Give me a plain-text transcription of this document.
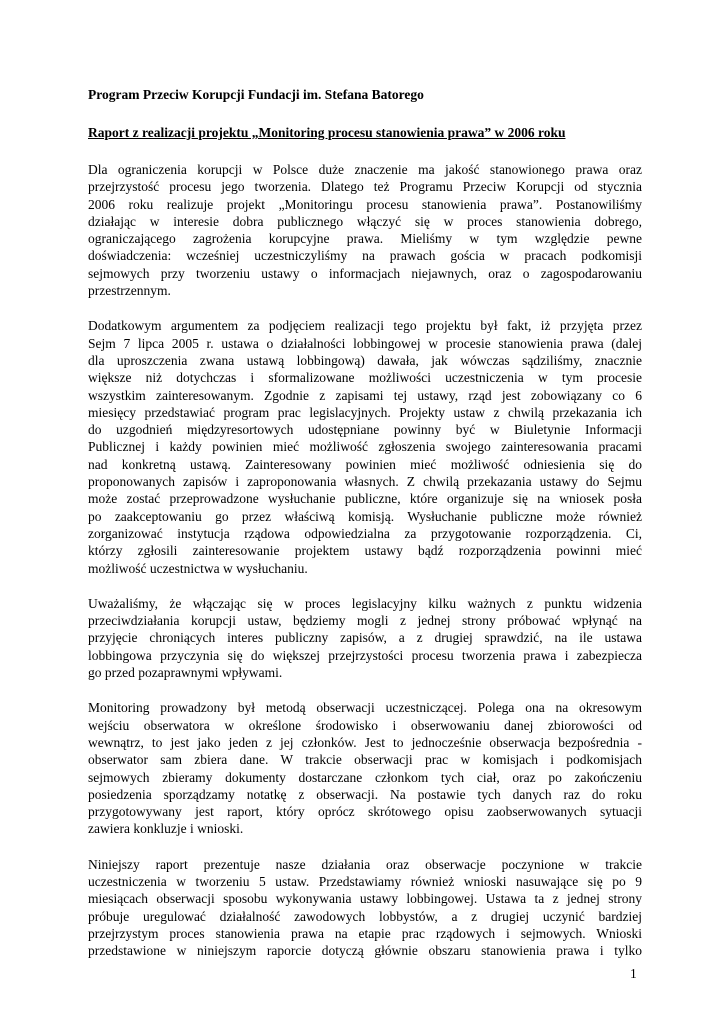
Program Przeciw Korupcji Fundacji im. Stefana Batorego

Raport z realizacji projektu „Monitoring procesu stanowienia prawa” w 2006 roku

Dla ograniczenia korupcji w Polsce duże znaczenie ma jakość stanowionego prawa oraz
przejrzystość procesu jego tworzenia. Dlatego też Programu Przeciw Korupcji od stycznia
2006 roku realizuje projekt „Monitoringu procesu stanowienia prawa”. Postanowiliśmy
działając w interesie dobra publicznego włączyć się w proces stanowienia dobrego,
ograniczającego zagrożenia korupcyjne prawa. Mieliśmy w tym względzie pewne
doświadczenia: wcześniej uczestniczyliśmy na prawach gościa w pracach podkomisji
sejmowych przy tworzeniu ustawy o informacjach niejawnych, oraz o zagospodarowaniu
przestrzennym.

Dodatkowym argumentem za podjęciem realizacji tego projektu był fakt, iż przyjęta przez
Sejm 7 lipca 2005 r. ustawa o działalności lobbingowej w procesie stanowienia prawa (dalej
dla uproszczenia zwana ustawą lobbingową) dawała, jak wówczas sądziliśmy, znacznie
większe niż dotychczas i sformalizowane możliwości uczestniczenia w tym procesie
wszystkim zainteresowanym. Zgodnie z zapisami tej ustawy, rząd jest zobowiązany co 6
miesięcy przedstawiać program prac legislacyjnych. Projekty ustaw z chwilą przekazania ich
do uzgodnień międzyresortowych udostępniane powinny być w Biuletynie Informacji
Publicznej i każdy powinien mieć możliwość zgłoszenia swojego zainteresowania pracami
nad konkretną ustawą. Zainteresowany powinien mieć możliwość odniesienia się do
proponowanych zapisów i zaproponowania własnych. Z chwilą przekazania ustawy do Sejmu
może zostać przeprowadzone wysłuchanie publiczne, które organizuje się na wniosek posła
po zaakceptowaniu go przez właściwą komisją. Wysłuchanie publiczne może również
zorganizować instytucja rządowa odpowiedzialna za przygotowanie rozporządzenia. Ci,
którzy zgłosili zainteresowanie projektem ustawy bądź rozporządzenia powinni mieć
możliwość uczestnictwa w wysłuchaniu.

Uważaliśmy, że włączając się w proces legislacyjny kilku ważnych z punktu widzenia
przeciwdziałania korupcji ustaw, będziemy mogli z jednej strony próbować wpłynąć na
przyjęcie chroniących interes publiczny zapisów, a z drugiej sprawdzić, na ile ustawa
lobbingowa przyczynia się do większej przejrzystości procesu tworzenia prawa i zabezpiecza
go przed pozaprawnymi wpływami.

Monitoring prowadzony był metodą obserwacji uczestniczącej. Polega ona na okresowym
wejściu obserwatora w określone środowisko i obserwowaniu danej zbiorowości od
wewnątrz, to jest jako jeden z jej członków. Jest to jednocześnie obserwacja bezpośrednia -
obserwator sam zbiera dane. W trakcie obserwacji prac w komisjach i podkomisjach
sejmowych zbieramy dokumenty dostarczane członkom tych ciał, oraz po zakończeniu
posiedzenia sporządzamy notatkę z obserwacji. Na postawie tych danych raz do roku
przygotowywany jest raport, który oprócz skrótowego opisu zaobserwowanych sytuacji
zawiera konkluzje i wnioski.

Niniejszy raport prezentuje nasze działania oraz obserwacje poczynione w trakcie
uczestniczenia w tworzeniu 5 ustaw. Przedstawiamy również wnioski nasuwające się po 9
miesiącach obserwacji sposobu wykonywania ustawy lobbingowej. Ustawa ta z jednej strony
próbuje uregulować działalność zawodowych lobbystów, a z drugiej uczynić bardziej
przejrzystym proces stanowienia prawa na etapie prac rządowych i sejmowych. Wnioski
przedstawione w niniejszym raporcie dotyczą głównie obszaru stanowienia prawa i tylko

1
